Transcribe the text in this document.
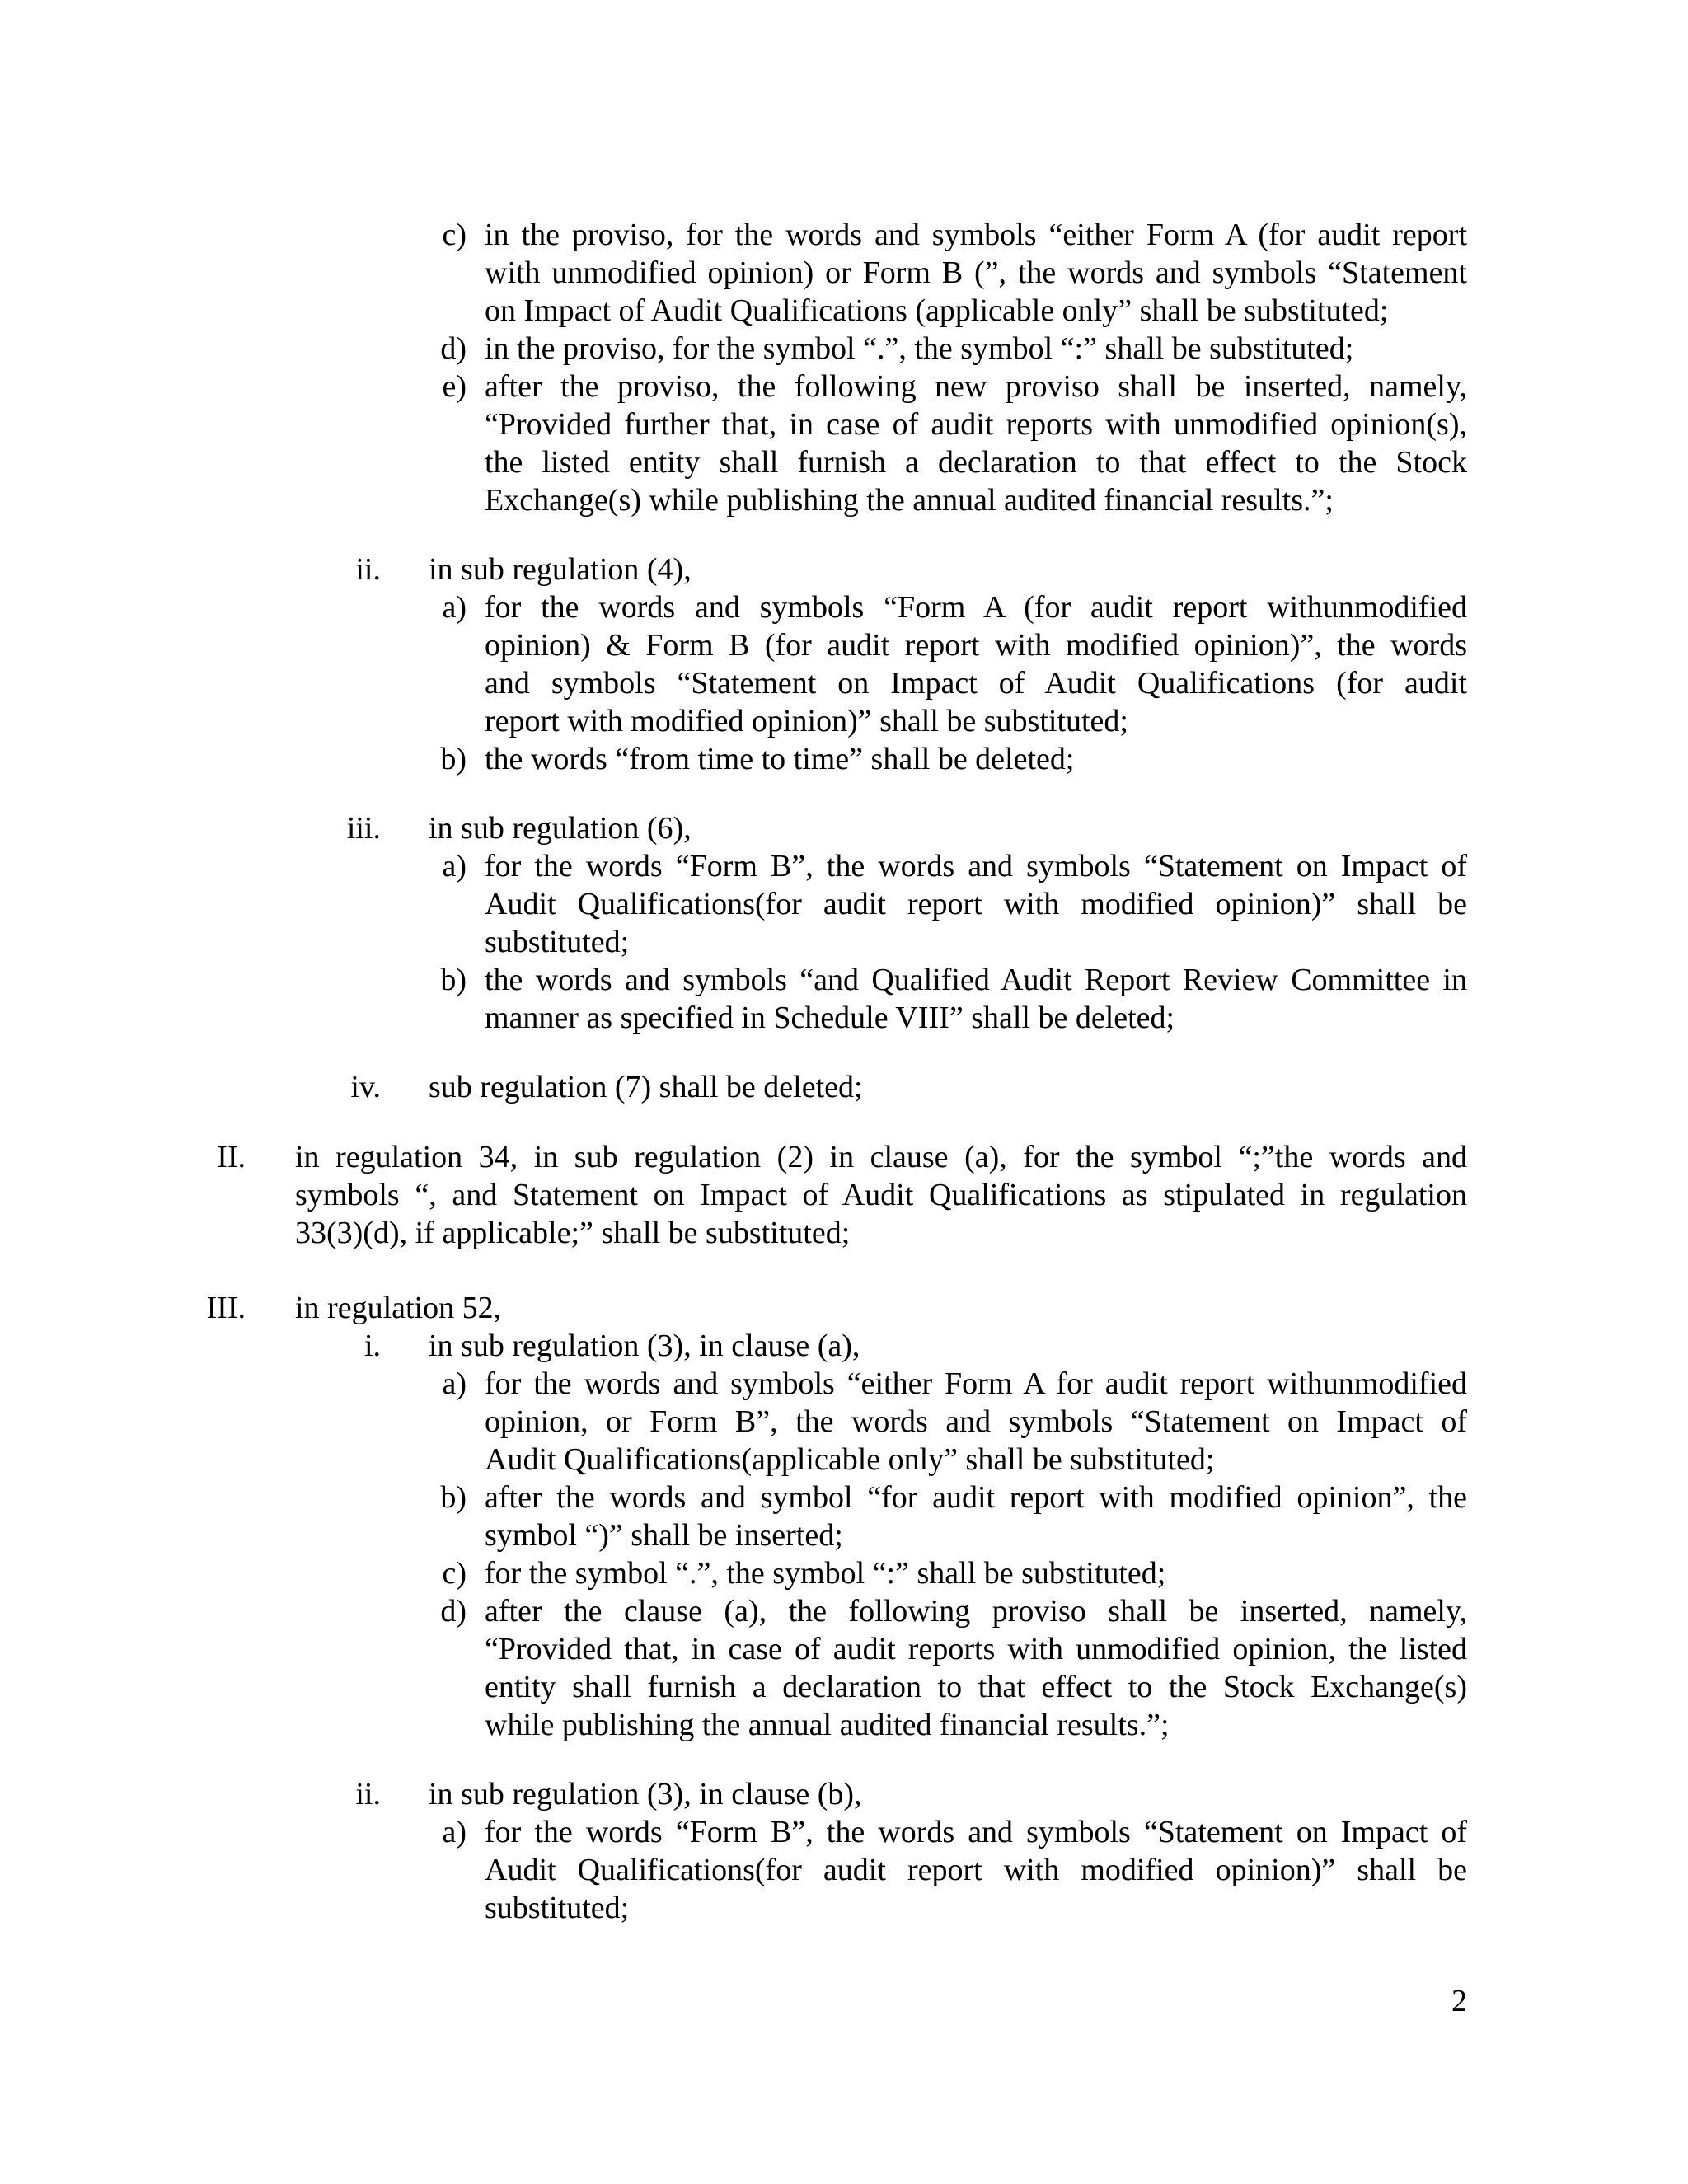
c) in the proviso, for the words and symbols “either Form A (for audit report
with unmodified opinion) or Form B (”, the words and symbols “Statement
on Impact of Audit Qualifications (applicable only” shall be substituted;
d) in the proviso, for the symbol “.”, the symbol “:” shall be substituted;
e) after the proviso, the following new proviso shall be inserted, namely,
“Provided further that, in case of audit reports with unmodified opinion(s),
the listed entity shall furnish a declaration to that effect to the Stock
Exchange(s) while publishing the annual audited financial results.”;
ii. in sub regulation (4),
a) for the words and symbols “Form A (for audit report withunmodified
opinion) & Form B (for audit report with modified opinion)”, the words
and symbols “Statement on Impact of Audit Qualifications (for audit
report with modified opinion)” shall be substituted;
b) the words “from time to time” shall be deleted;
iii. in sub regulation (6),
a) for the words “Form B”, the words and symbols “Statement on Impact of
Audit Qualifications(for audit report with modified opinion)” shall be
substituted;
b) the words and symbols “and Qualified Audit Report Review Committee in
manner as specified in Schedule VIII” shall be deleted;
iv. sub regulation (7) shall be deleted;
II. in regulation 34, in sub regulation (2) in clause (a), for the symbol “;”the words and
symbols “, and Statement on Impact of Audit Qualifications as stipulated in regulation
33(3)(d), if applicable;” shall be substituted;
III. in regulation 52,
i. in sub regulation (3), in clause (a),
a) for the words and symbols “either Form A for audit report withunmodified
opinion, or Form B”, the words and symbols “Statement on Impact of
Audit Qualifications(applicable only” shall be substituted;
b) after the words and symbol “for audit report with modified opinion”, the
symbol “)” shall be inserted;
c) for the symbol “.”, the symbol “:” shall be substituted;
d) after the clause (a), the following proviso shall be inserted, namely,
“Provided that, in case of audit reports with unmodified opinion, the listed
entity shall furnish a declaration to that effect to the Stock Exchange(s)
while publishing the annual audited financial results.”;
ii. in sub regulation (3), in clause (b),
a) for the words “Form B”, the words and symbols “Statement on Impact of
Audit Qualifications(for audit report with modified opinion)” shall be
substituted;
2
